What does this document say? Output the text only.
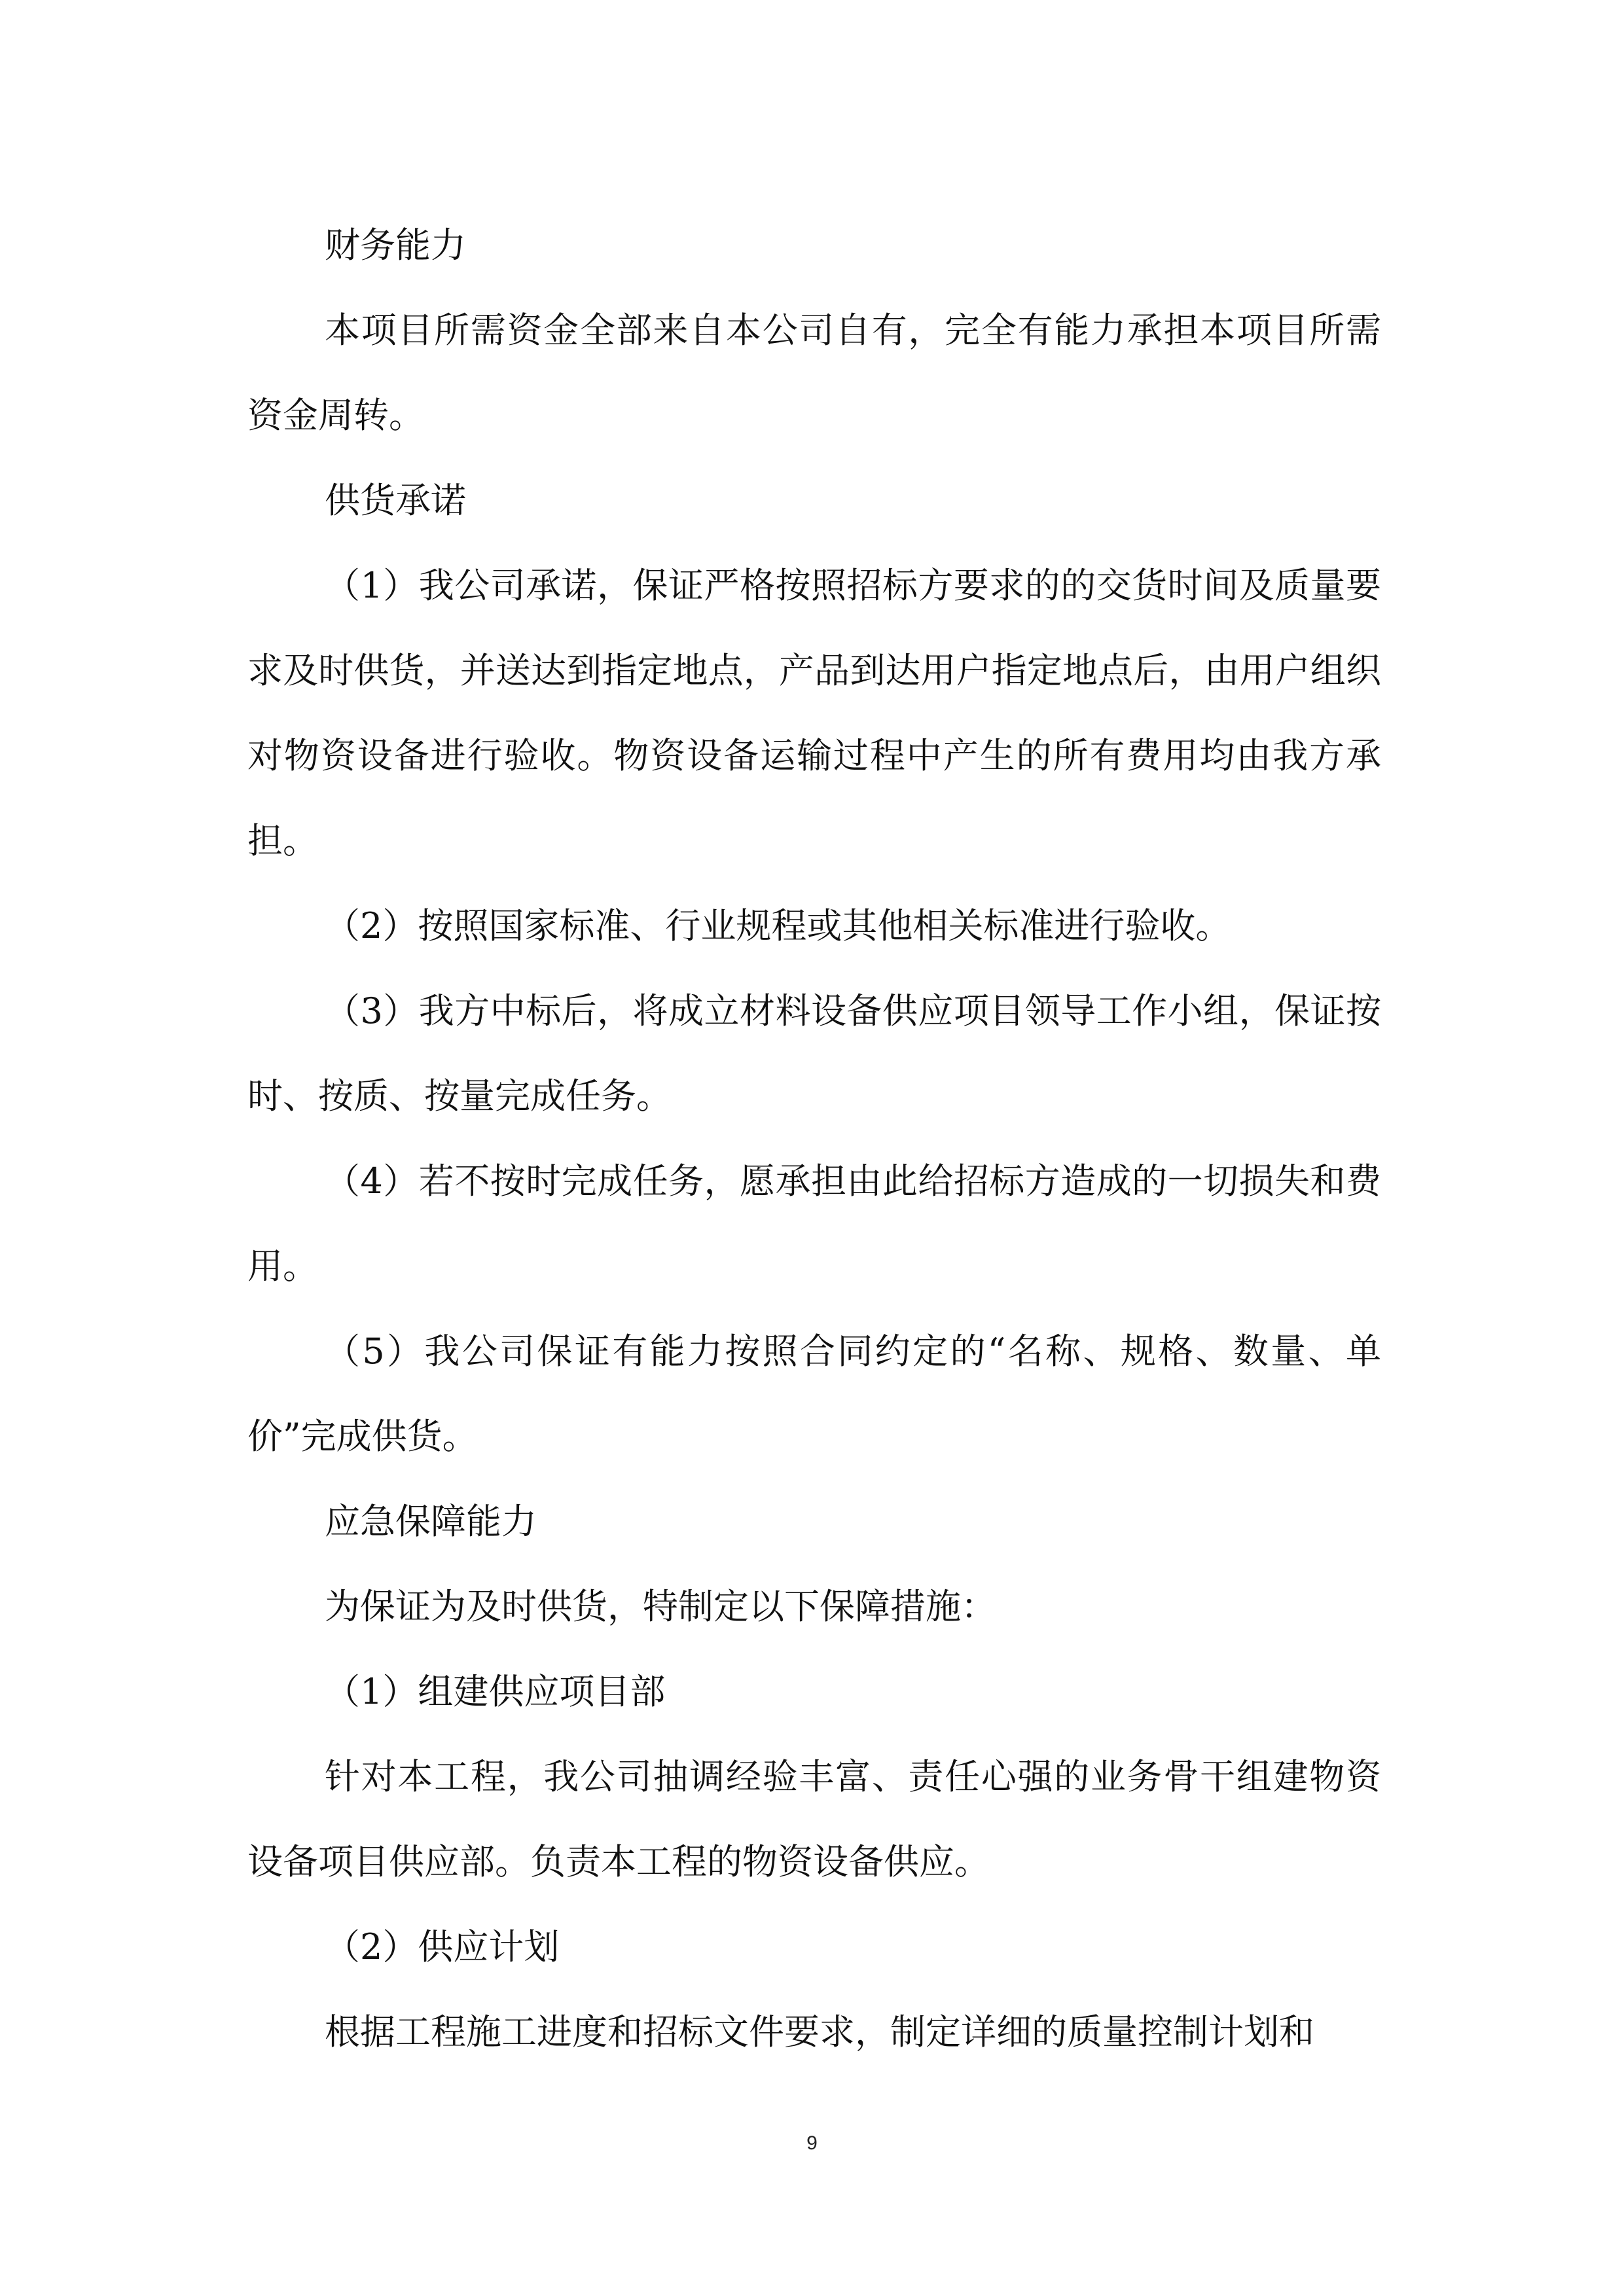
财务能力

本项目所需资金全部来自本公司自有，完全有能力承担本项目所需资金周转。

供货承诺

（1）我公司承诺，保证严格按照招标方要求的的交货时间及质量要求及时供货，并送达到指定地点，产品到达用户指定地点后，由用户组织对物资设备进行验收。物资设备运输过程中产生的所有费用均由我方承担。

（2）按照国家标准、行业规程或其他相关标准进行验收。

（3）我方中标后，将成立材料设备供应项目领导工作小组，保证按时、按质、按量完成任务。

（4）若不按时完成任务，愿承担由此给招标方造成的一切损失和费用。

（5）我公司保证有能力按照合同约定的“名称、规格、数量、单价”完成供货。

应急保障能力

为保证为及时供货，特制定以下保障措施：

（1）组建供应项目部

针对本工程，我公司抽调经验丰富、责任心强的业务骨干组建物资设备项目供应部。负责本工程的物资设备供应。

（2）供应计划

根据工程施工进度和招标文件要求，制定详细的质量控制计划和

9
